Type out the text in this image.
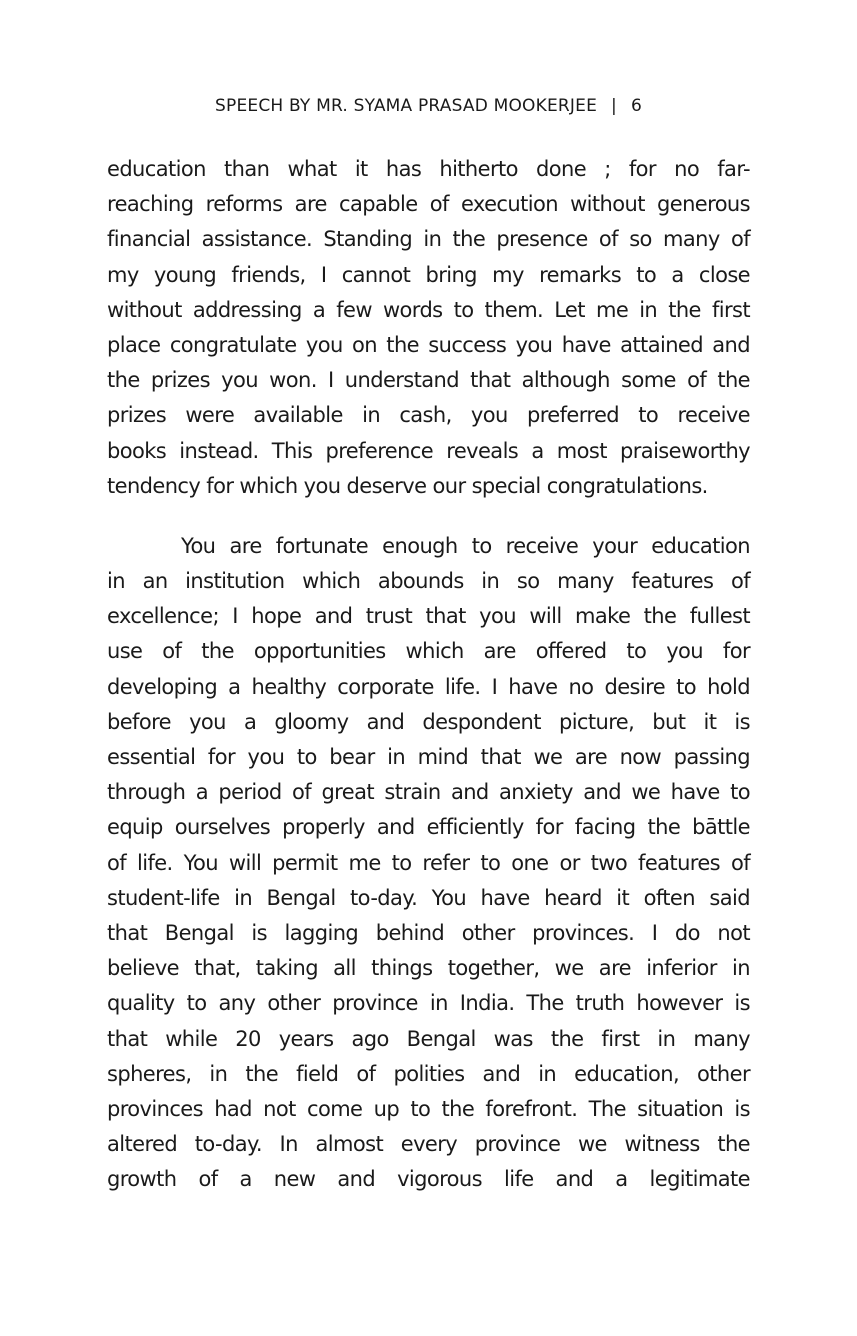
SPEECH BY MR. SYAMA PRASAD MOOKERJEE | 6

education than what it has hitherto done ; for no far-
reaching reforms are capable of execution without generous
financial assistance. Standing in the presence of so many of
my young friends, I cannot bring my remarks to a close
without addressing a few words to them. Let me in the first
place congratulate you on the success you have attained and
the prizes you won. I understand that although some of the
prizes were available in cash, you preferred to receive
books instead. This preference reveals a most praiseworthy
tendency for which you deserve our special congratulations.

You are fortunate enough to receive your education
in an institution which abounds in so many features of
excellence; I hope and trust that you will make the fullest
use of the opportunities which are offered to you for
developing a healthy corporate life. I have no desire to hold
before you a gloomy and despondent picture, but it is
essential for you to bear in mind that we are now passing
through a period of great strain and anxiety and we have to
equip ourselves properly and efficiently for facing the bāttle
of life. You will permit me to refer to one or two features of
student-life in Bengal to-day. You have heard it often said
that Bengal is lagging behind other provinces. I do not
believe that, taking all things together, we are inferior in
quality to any other province in India. The truth however is
that while 20 years ago Bengal was the first in many
spheres, in the field of polities and in education, other
provinces had not come up to the forefront. The situation is
altered to-day. In almost every province we witness the
growth of a new and vigorous life and a legitimate
